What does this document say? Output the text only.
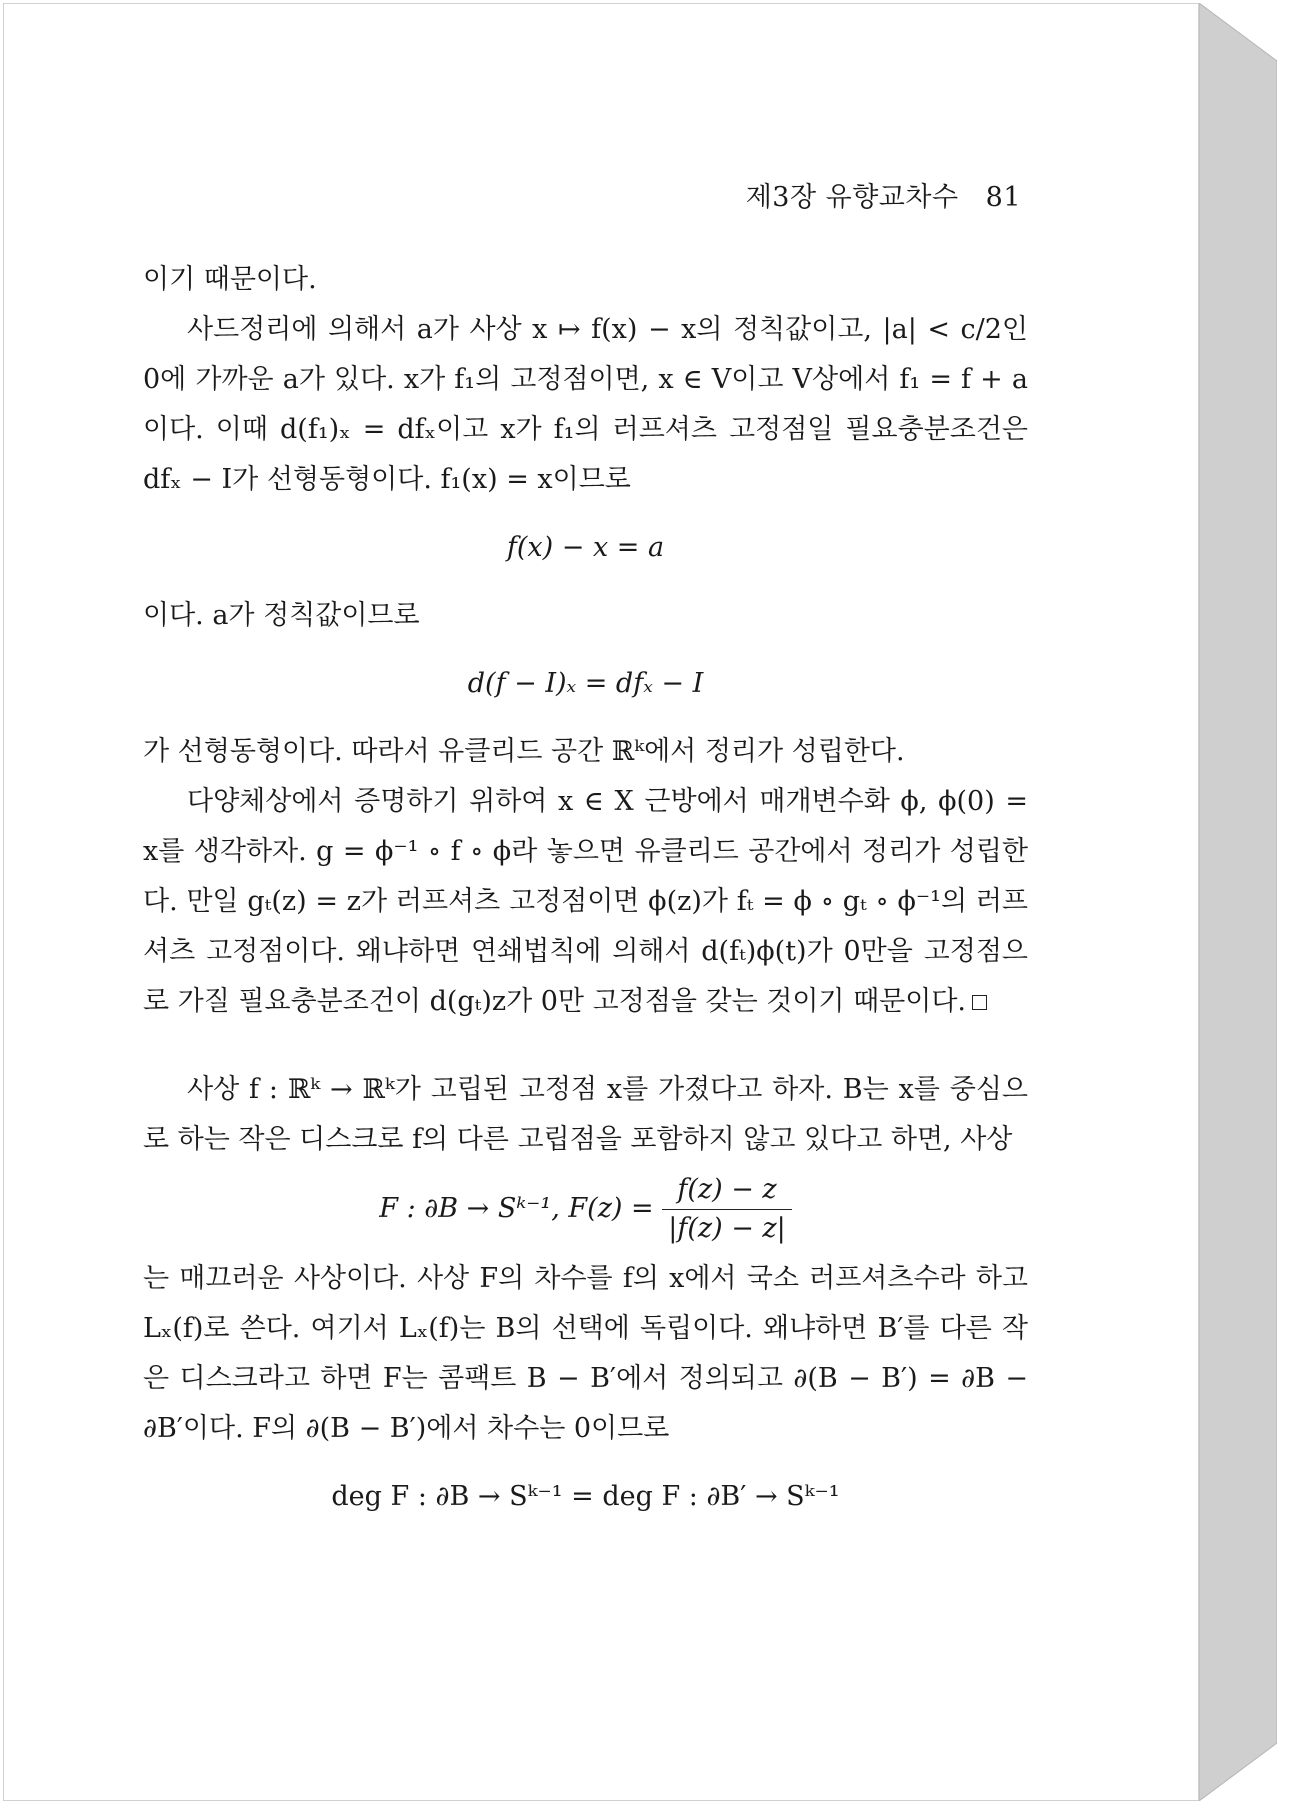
제3장 유향교차수 81

이기 때문이다.

사드정리에 의해서 a가 사상 x ↦ f(x) − x의 정칙값이고, |a| < c/2인 0에 가까운 a가 있다. x가 f₁의 고정점이면, x ∈ V이고 V상에서 f₁ = f + a이다. 이때 d(f₁)ₓ = dfₓ이고 x가 f₁의 러프셔츠 고정점일 필요충분조건은 dfₓ − I가 선형동형이다. f₁(x) = x이므로

f(x) − x = a

이다. a가 정칙값이므로

d(f − I)ₓ = dfₓ − I

가 선형동형이다. 따라서 유클리드 공간 ℝᵏ에서 정리가 성립한다.

다양체상에서 증명하기 위하여 x ∈ X 근방에서 매개변수화 ϕ, ϕ(0) = x를 생각하자. g = ϕ⁻¹ ∘ f ∘ ϕ라 놓으면 유클리드 공간에서 정리가 성립한다. 만일 gₜ(z) = z가 러프셔츠 고정점이면 ϕ(z)가 fₜ = ϕ ∘ gₜ ∘ ϕ⁻¹의 러프셔츠 고정점이다. 왜냐하면 연쇄법칙에 의해서 d(fₜ)ϕ(t)가 0만을 고정점으로 가질 필요충분조건이 d(gₜ)z가 0만 고정점을 갖는 것이기 때문이다.

사상 f : ℝᵏ → ℝᵏ가 고립된 고정점 x를 가졌다고 하자. B는 x를 중심으로 하는 작은 디스크로 f의 다른 고립점을 포함하지 않고 있다고 하면, 사상

F : ∂B → Sᵏ⁻¹, $F(z) = \frac{f(z) - z}{|f(z) - z|}$

는 매끄러운 사상이다. 사상 F의 차수를 f의 x에서 국소 러프셔츠수라 하고 Lₓ(f)로 쓴다. 여기서 Lₓ(f)는 B의 선택에 독립이다. 왜냐하면 B′를 다른 작은 디스크라고 하면 F는 콤팩트 B − B′에서 정의되고 ∂(B − B′) = ∂B − ∂B′이다. F의 ∂(B − B′)에서 차수는 0이므로

deg F : ∂B → Sᵏ⁻¹ = deg F : ∂B′ → Sᵏ⁻¹
